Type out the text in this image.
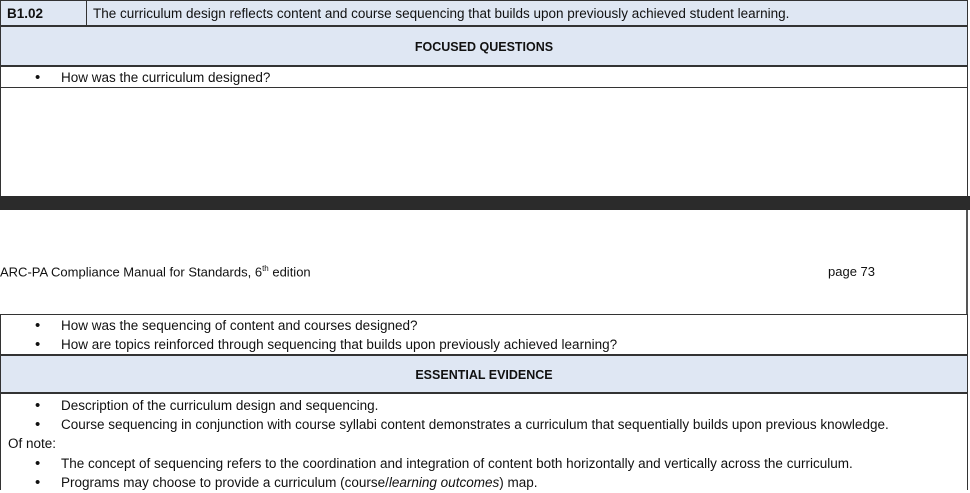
B1.02	The curriculum design reflects content and course sequencing that builds upon previously achieved student learning.
FOCUSED QUESTIONS
• How was the curriculum designed?
ARC-PA Compliance Manual for Standards, 6th edition	page 73
• How was the sequencing of content and courses designed?
• How are topics reinforced through sequencing that builds upon previously achieved learning?
ESSENTIAL EVIDENCE
• Description of the curriculum design and sequencing.
• Course sequencing in conjunction with course syllabi content demonstrates a curriculum that sequentially builds upon previous knowledge.
Of note:
• The concept of sequencing refers to the coordination and integration of content both horizontally and vertically across the curriculum.
• Programs may choose to provide a curriculum (course/learning outcomes) map.
